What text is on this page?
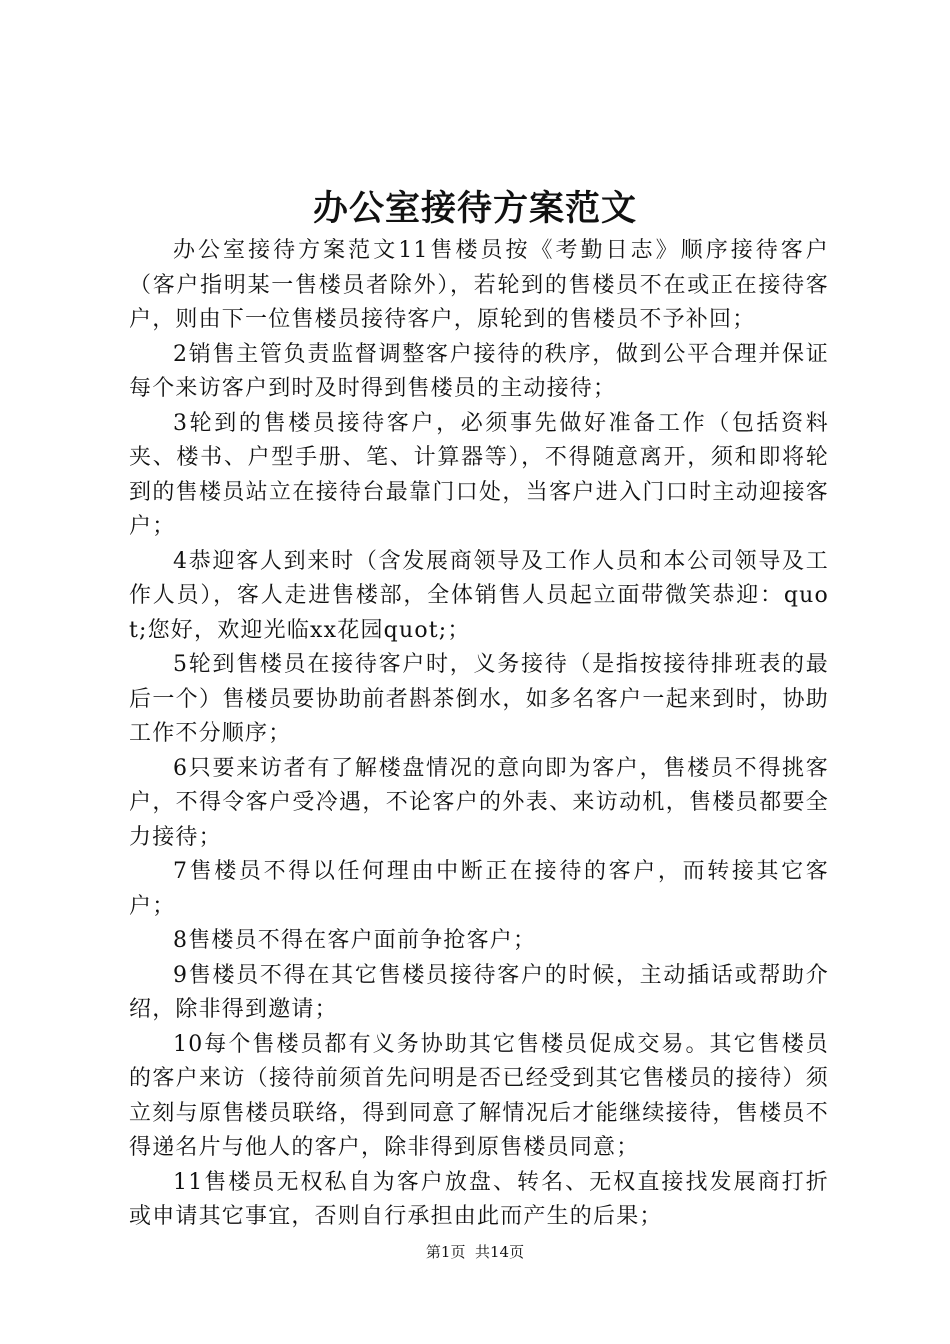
办公室接待方案范文

办公室接待方案范文11售楼员按《考勤日志》顺序接待客户（客户指明某一售楼员者除外），若轮到的售楼员不在或正在接待客户，则由下一位售楼员接待客户，原轮到的售楼员不予补回；

2销售主管负责监督调整客户接待的秩序，做到公平合理并保证每个来访客户到时及时得到售楼员的主动接待；

3轮到的售楼员接待客户，必须事先做好准备工作（包括资料夹、楼书、户型手册、笔、计算器等），不得随意离开，须和即将轮到的售楼员站立在接待台最靠门口处，当客户进入门口时主动迎接客户；

4恭迎客人到来时（含发展商领导及工作人员和本公司领导及工作人员），客人走进售楼部，全体销售人员起立面带微笑恭迎：quot;您好，欢迎光临xx花园quot;；

5轮到售楼员在接待客户时，义务接待（是指按接待排班表的最后一个）售楼员要协助前者斟茶倒水，如多名客户一起来到时，协助工作不分顺序；

6只要来访者有了解楼盘情况的意向即为客户，售楼员不得挑客户，不得令客户受冷遇，不论客户的外表、来访动机，售楼员都要全力接待；

7售楼员不得以任何理由中断正在接待的客户，而转接其它客户；

8售楼员不得在客户面前争抢客户；

9售楼员不得在其它售楼员接待客户的时候，主动插话或帮助介绍，除非得到邀请；

10每个售楼员都有义务协助其它售楼员促成交易。其它售楼员的客户来访（接待前须首先问明是否已经受到其它售楼员的接待）须立刻与原售楼员联络，得到同意了解情况后才能继续接待，售楼员不得递名片与他人的客户，除非得到原售楼员同意；

11售楼员无权私自为客户放盘、转名、无权直接找发展商打折或申请其它事宜，否则自行承担由此而产生的后果；

第1页 共14页
